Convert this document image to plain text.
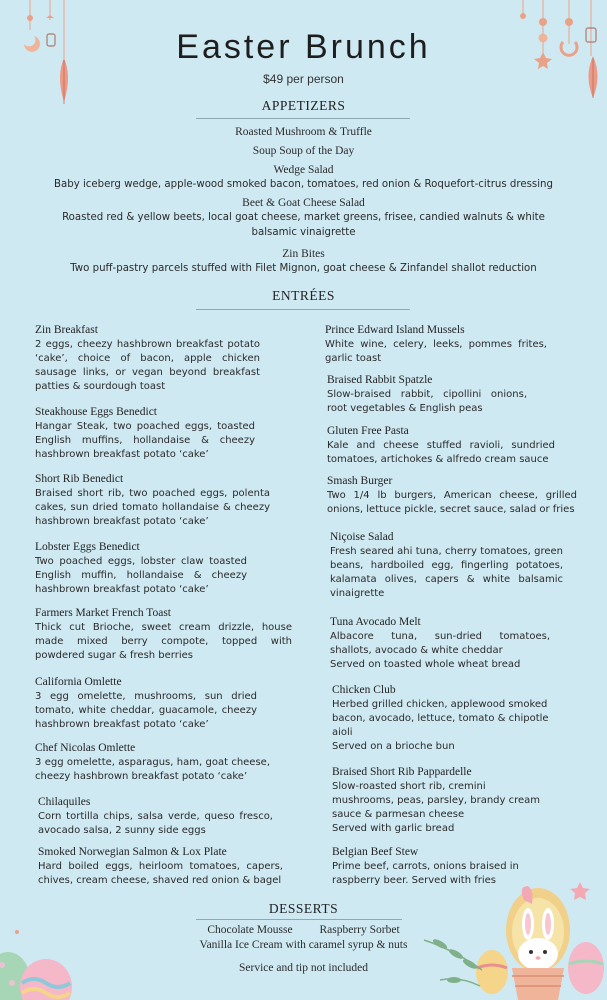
Easter Brunch
$49 per person
APPETIZERS
Roasted Mushroom & Truffle
Soup Soup of the Day
Wedge Salad
Baby iceberg wedge, apple-wood smoked bacon, tomatoes, red onion & Roquefort-citrus dressing
Beet & Goat Cheese Salad
Roasted red & yellow beets, local goat cheese, market greens, frisee, candied walnuts & white balsamic vinaigrette
Zin Bites
Two puff-pastry parcels stuffed with Filet Mignon, goat cheese & Zinfandel shallot reduction
ENTRÉES
Zin Breakfast
2 eggs, cheezy hashbrown breakfast potato ‘cake’, choice of bacon, apple chicken sausage links, or vegan beyond breakfast patties & sourdough toast
Steakhouse Eggs Benedict
Hangar Steak, two poached eggs, toasted English muffins, hollandaise & cheezy hashbrown breakfast potato ‘cake’
Short Rib Benedict
Braised short rib, two poached eggs, polenta cakes, sun dried tomato hollandaise & cheezy hashbrown breakfast potato ‘cake’
Lobster Eggs Benedict
Two poached eggs, lobster claw toasted English muffin, hollandaise & cheezy hashbrown breakfast potato ‘cake’
Farmers Market French Toast
Thick cut Brioche, sweet cream drizzle, house made mixed berry compote, topped with powdered sugar & fresh berries
California Omlette
3 egg omelette, mushrooms, sun dried tomato, white cheddar, guacamole, cheezy hashbrown breakfast potato ‘cake’
Chef Nicolas Omlette
3 egg omelette, asparagus, ham, goat cheese, cheezy hashbrown breakfast potato ‘cake’
Chilaquiles
Corn tortilla chips, salsa verde, queso fresco, avocado salsa, 2 sunny side eggs
Smoked Norwegian Salmon & Lox Plate
Hard boiled eggs, heirloom tomatoes, capers, chives, cream cheese, shaved red onion & bagel
Prince Edward Island Mussels
White wine, celery, leeks, pommes frites, garlic toast
Braised Rabbit Spatzle
Slow-braised rabbit, cipollini onions, root vegetables & English peas
Gluten Free Pasta
Kale and cheese stuffed ravioli, sundried tomatoes, artichokes & alfredo cream sauce
Smash Burger
Two 1/4 lb burgers, American cheese, grilled onions, lettuce pickle, secret sauce, salad or fries
Niçoise Salad
Fresh seared ahi tuna, cherry tomatoes, green beans, hardboiled egg, fingerling potatoes, kalamata olives, capers & white balsamic vinaigrette
Tuna Avocado Melt
Albacore tuna, sun-dried tomatoes, shallots, avocado & white cheddar
Served on toasted whole wheat bread
Chicken Club
Herbed grilled chicken, applewood smoked bacon, avocado, lettuce, tomato & chipotle aioli
Served on a brioche bun
Braised Short Rib Pappardelle
Slow-roasted short rib, cremini mushrooms, peas, parsley, brandy cream sauce & parmesan cheese
Served with garlic bread
Belgian Beef Stew
Prime beef, carrots, onions braised in raspberry beer. Served with fries
DESSERTS
Chocolate Mousse Raspberry Sorbet
Vanilla Ice Cream with caramel syrup & nuts
Service and tip not included
